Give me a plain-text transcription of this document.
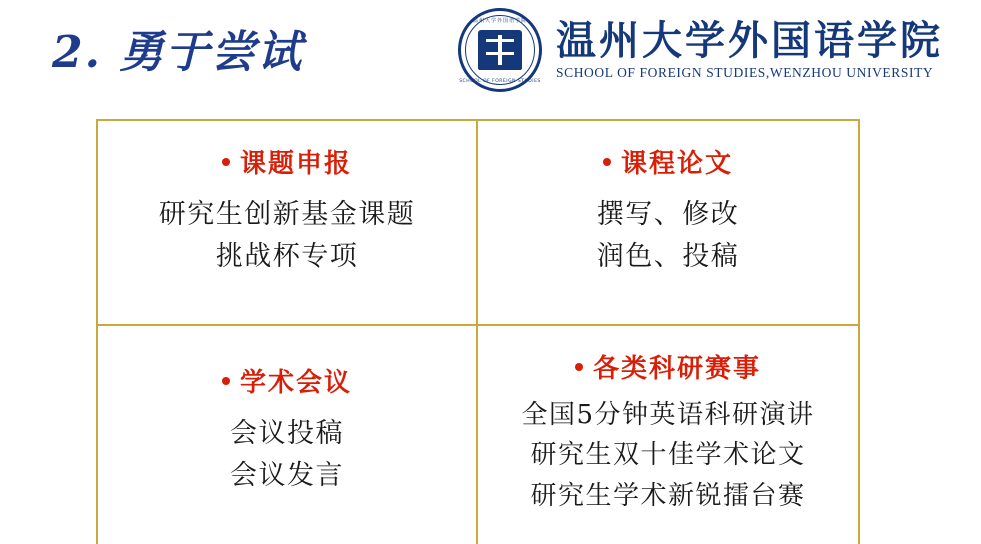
2. 勇于尝试
温州大学外国语学院
SCHOOL OF FOREIGN STUDIES
温州大学外国语学院
SCHOOL OF FOREIGN STUDIES,WENZHOU UNIVERSITY
课题申报
研究生创新基金课题
挑战杯专项
课程论文
撰写、修改
润色、投稿
学术会议
会议投稿
会议发言
各类科研赛事
全国5分钟英语科研演讲
研究生双十佳学术论文
研究生学术新锐擂台赛
